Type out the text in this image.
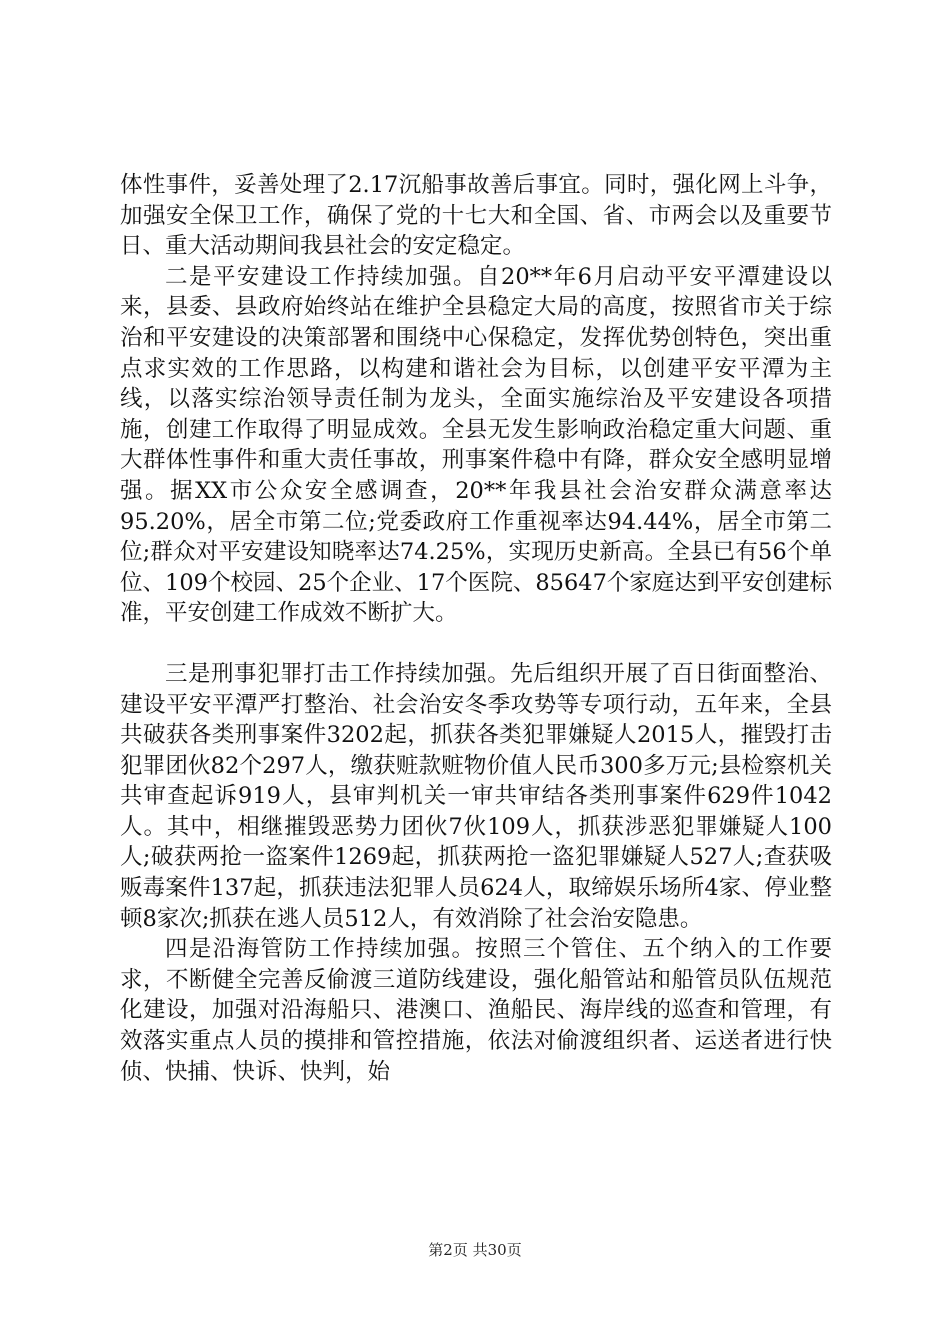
体性事件，妥善处理了2.17沉船事故善后事宜。同时，强化网上斗争，加强安全保卫工作，确保了党的十七大和全国、省、市两会以及重要节日、重大活动期间我县社会的安定稳定。

二是平安建设工作持续加强。自20**年6月启动平安平潭建设以来，县委、县政府始终站在维护全县稳定大局的高度，按照省市关于综治和平安建设的决策部署和围绕中心保稳定，发挥优势创特色，突出重点求实效的工作思路，以构建和谐社会为目标，以创建平安平潭为主线，以落实综治领导责任制为龙头，全面实施综治及平安建设各项措施，创建工作取得了明显成效。全县无发生影响政治稳定重大问题、重大群体性事件和重大责任事故，刑事案件稳中有降，群众安全感明显增强。据XX市公众安全感调查，20**年我县社会治安群众满意率达95.20%，居全市第二位;党委政府工作重视率达94.44%，居全市第二位;群众对平安建设知晓率达74.25%，实现历史新高。全县已有56个单位、109个校园、25个企业、17个医院、85647个家庭达到平安创建标准，平安创建工作成效不断扩大。

三是刑事犯罪打击工作持续加强。先后组织开展了百日街面整治、建设平安平潭严打整治、社会治安冬季攻势等专项行动，五年来，全县共破获各类刑事案件3202起，抓获各类犯罪嫌疑人2015人，摧毁打击犯罪团伙82个297人，缴获赃款赃物价值人民币300多万元;县检察机关共审查起诉919人，县审判机关一审共审结各类刑事案件629件1042人。其中，相继摧毁恶势力团伙7伙109人，抓获涉恶犯罪嫌疑人100人;破获两抢一盗案件1269起，抓获两抢一盗犯罪嫌疑人527人;查获吸贩毒案件137起，抓获违法犯罪人员624人，取缔娱乐场所4家、停业整顿8家次;抓获在逃人员512人，有效消除了社会治安隐患。

四是沿海管防工作持续加强。按照三个管住、五个纳入的工作要求，不断健全完善反偷渡三道防线建设，强化船管站和船管员队伍规范化建设，加强对沿海船只、港澳口、渔船民、海岸线的巡查和管理，有效落实重点人员的摸排和管控措施，依法对偷渡组织者、运送者进行快侦、快捕、快诉、快判，始

第2页 共30页
